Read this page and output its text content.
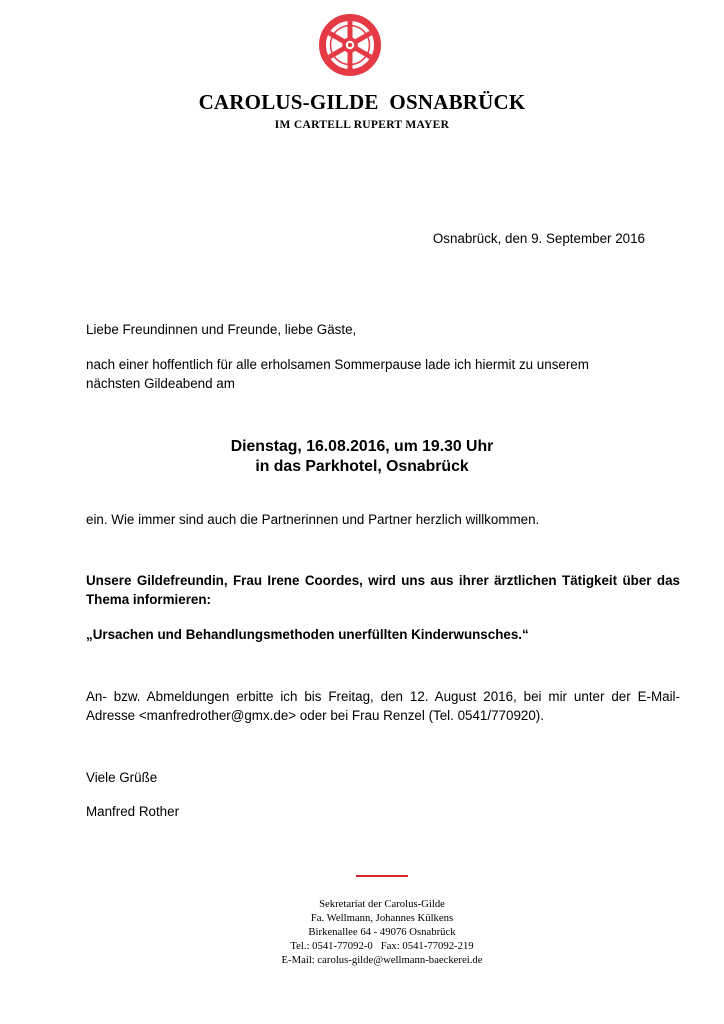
CAROLUS-GILDE  OSNABRÜCK
IM CARTELL RUPERT MAYER
Osnabrück, den 9. September 2016
Liebe Freundinnen und Freunde, liebe Gäste,
nach einer hoffentlich für alle erholsamen Sommerpause lade ich hiermit zu unserem
nächsten Gildeabend am
Dienstag, 16.08.2016, um 19.30 Uhr
in das Parkhotel, Osnabrück
ein. Wie immer sind auch die Partnerinnen und Partner herzlich willkommen.
Unsere Gildefreundin, Frau Irene Coordes, wird uns aus ihrer ärztlichen Tätigkeit über das Thema informieren:
„Ursachen und Behandlungsmethoden unerfüllten Kinderwunsches.“
An- bzw. Abmeldungen erbitte ich bis Freitag, den 12. August 2016, bei mir unter der E-Mail-Adresse <manfredrother@gmx.de> oder bei Frau Renzel (Tel. 0541/770920).
Viele Grüße
Manfred Rother
Sekretariat der Carolus-Gilde
Fa. Wellmann, Johannes Külkens
Birkenallee 64 - 49076 Osnabrück
Tel.: 0541-77092-0   Fax: 0541-77092-219
E-Mail: carolus-gilde@wellmann-baeckerei.de
